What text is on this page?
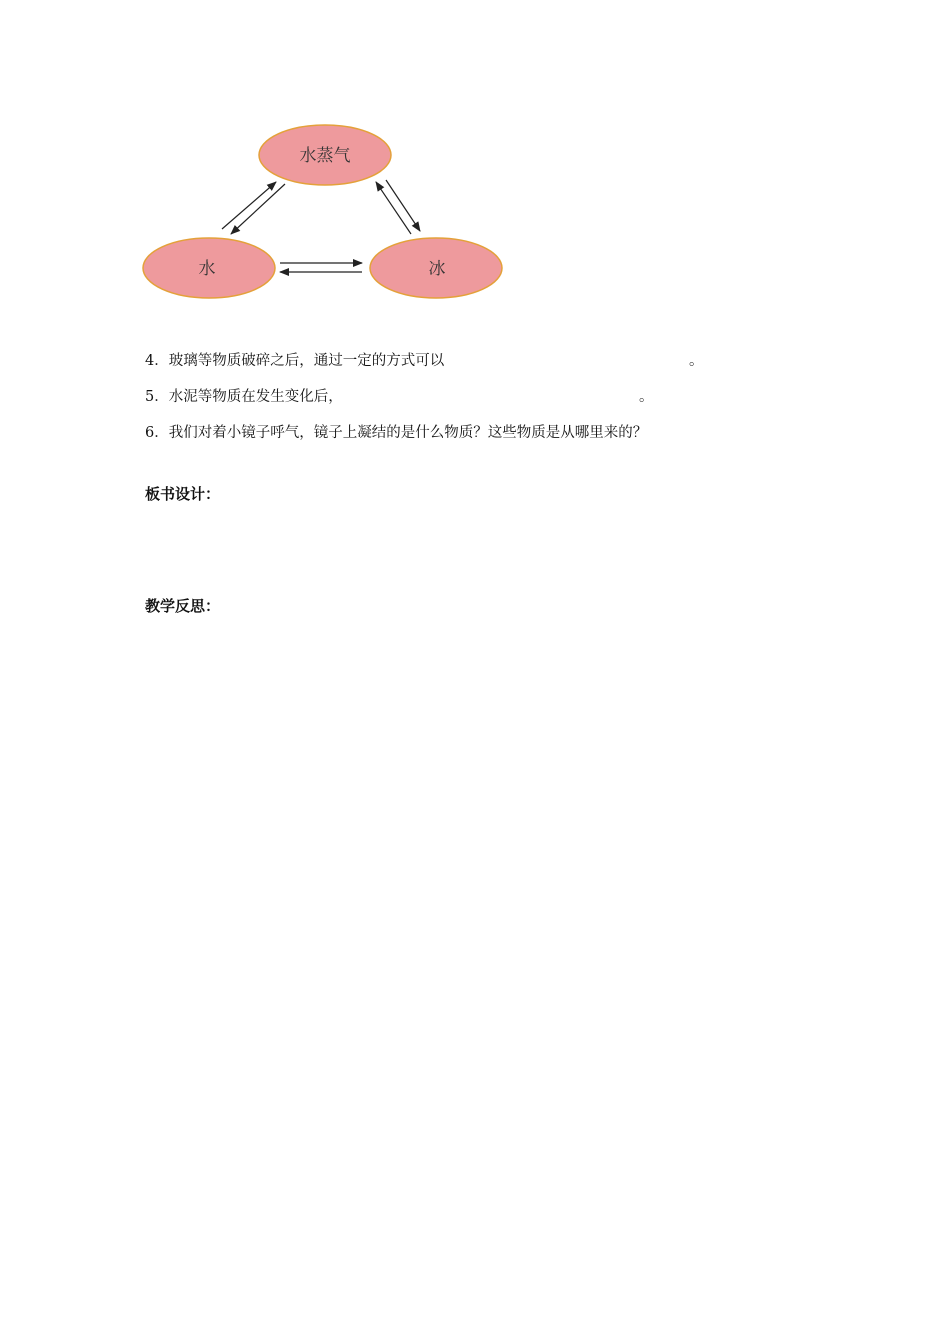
水蒸气
水	冰
4．玻璃等物质破碎之后，通过一定的方式可以	。
5．水泥等物质在发生变化后，	。
6．我们对着小镜子呼气，镜子上凝结的是什么物质？这些物质是从哪里来的？
板书设计：
教学反思：
